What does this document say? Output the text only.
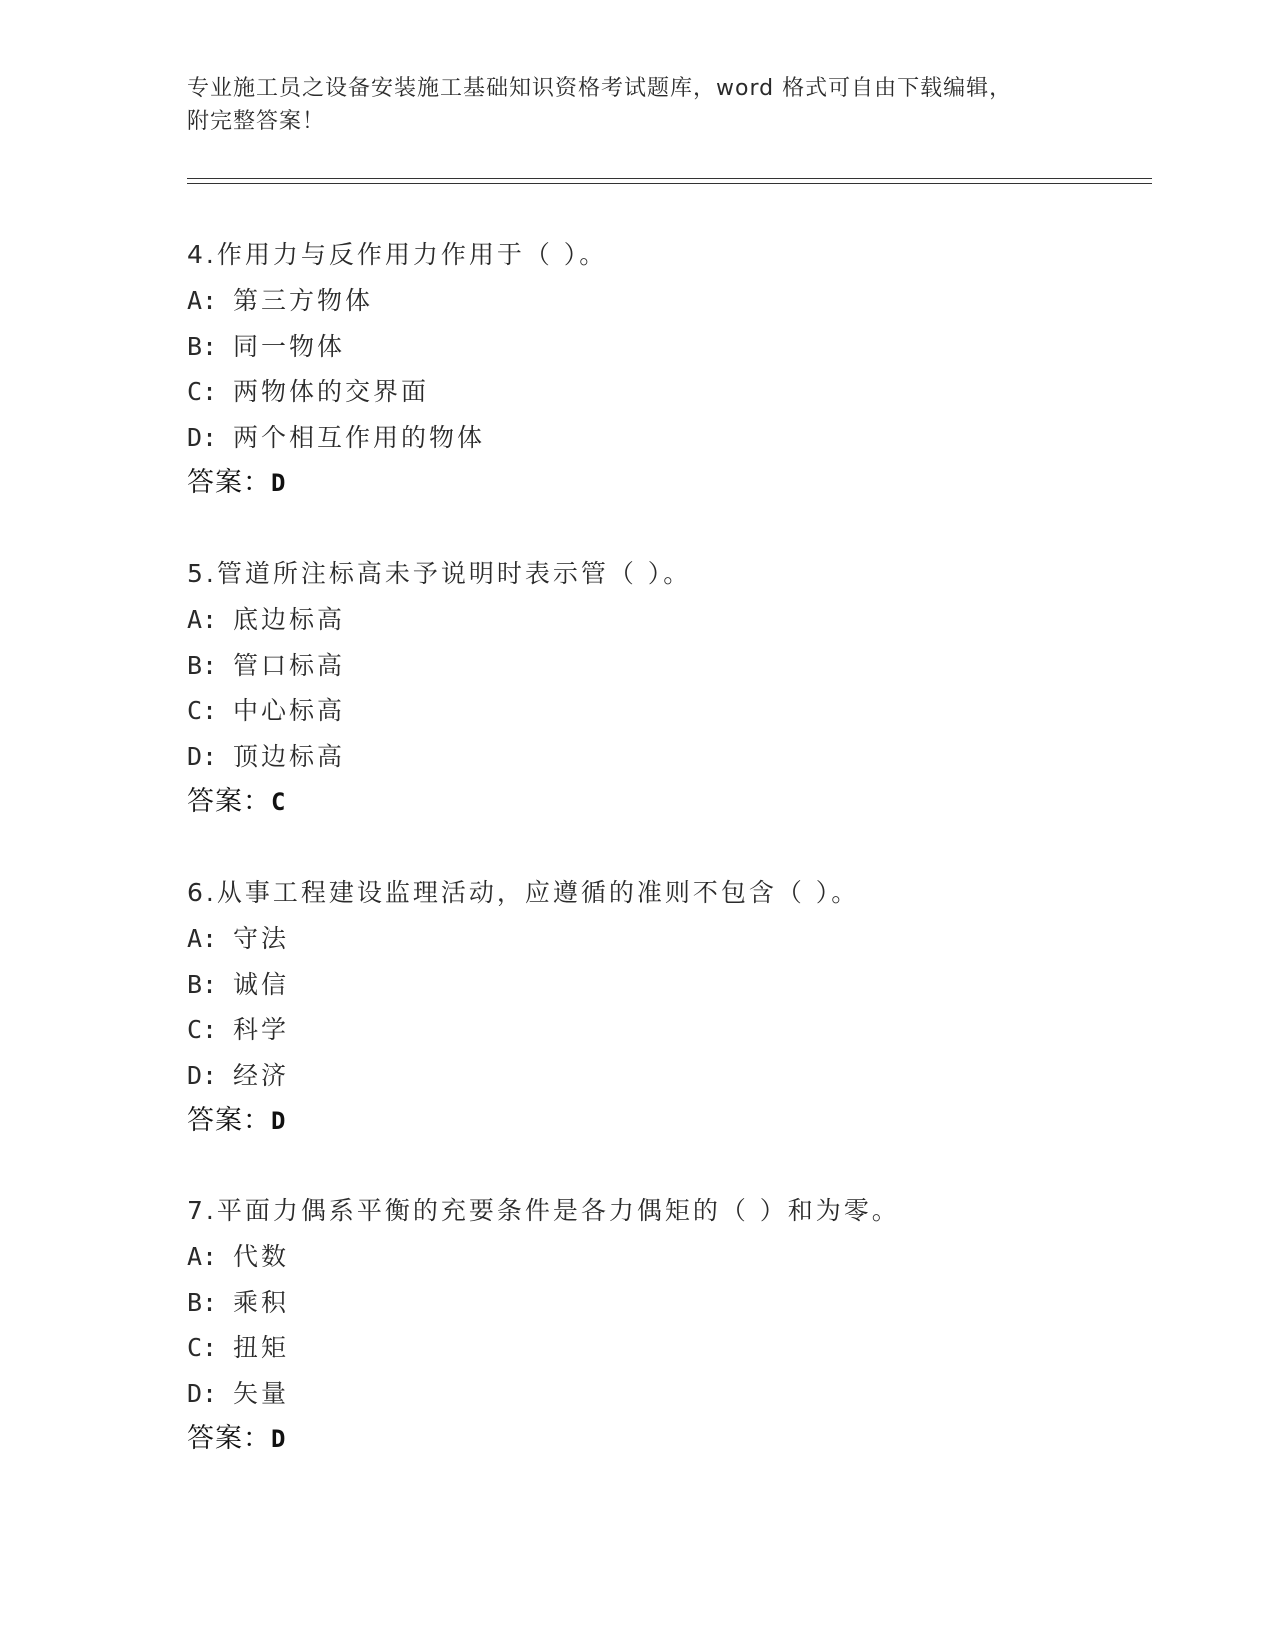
专业施工员之设备安装施工基础知识资格考试题库，word 格式可自由下载编辑，
附完整答案！
4.作用力与反作用力作用于（ ）。
A: 第三方物体
B: 同一物体
C: 两物体的交界面
D: 两个相互作用的物体
答案：D
5.管道所注标高未予说明时表示管（ ）。
A: 底边标高
B: 管口标高
C: 中心标高
D: 顶边标高
答案：C
6.从事工程建设监理活动，应遵循的准则不包含（ ）。
A: 守法
B: 诚信
C: 科学
D: 经济
答案：D
7.平面力偶系平衡的充要条件是各力偶矩的（ ）和为零。
A: 代数
B: 乘积
C: 扭矩
D: 矢量
答案：D
